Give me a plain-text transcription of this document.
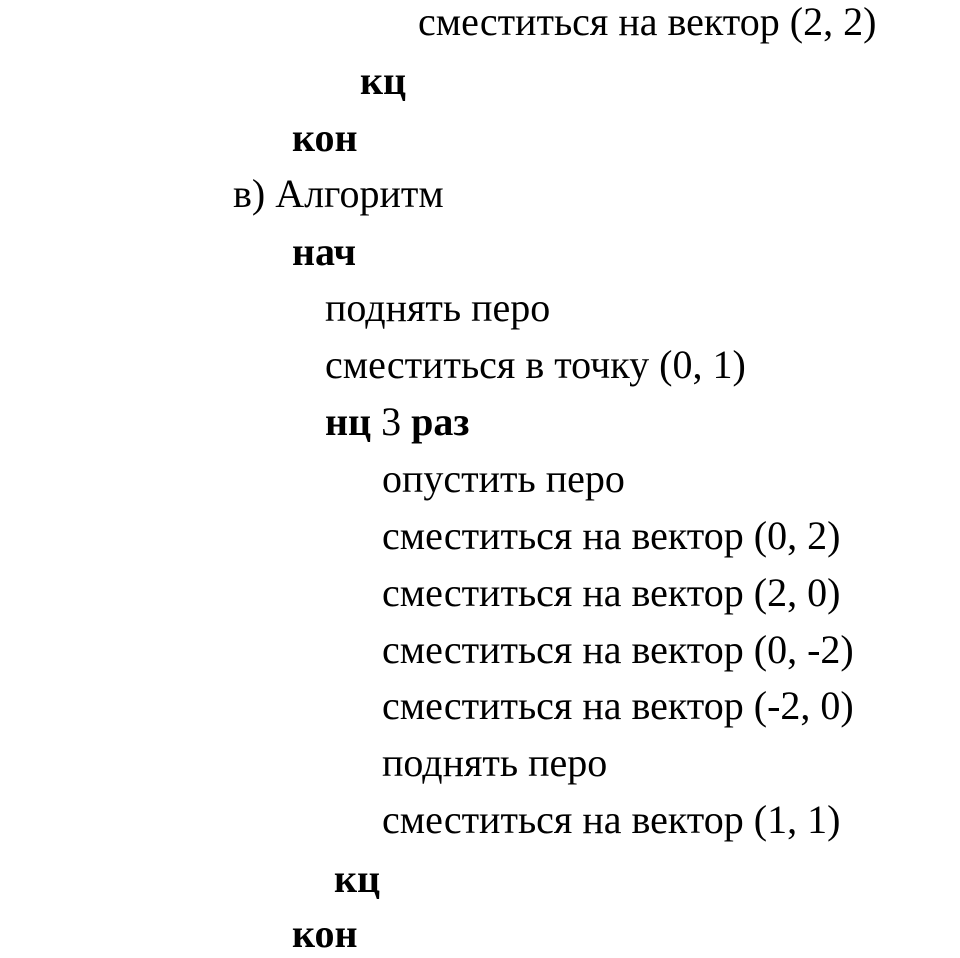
сместиться на вектор (2, 2)
кц
кон
в) Алгоритм
нач
поднять перо
сместиться в точку (0, 1)
нц 3 раз
опустить перо
сместиться на вектор (0, 2)
сместиться на вектор (2, 0)
сместиться на вектор (0, -2)
сместиться на вектор (-2, 0)
поднять перо
сместиться на вектор (1, 1)
кц
кон
